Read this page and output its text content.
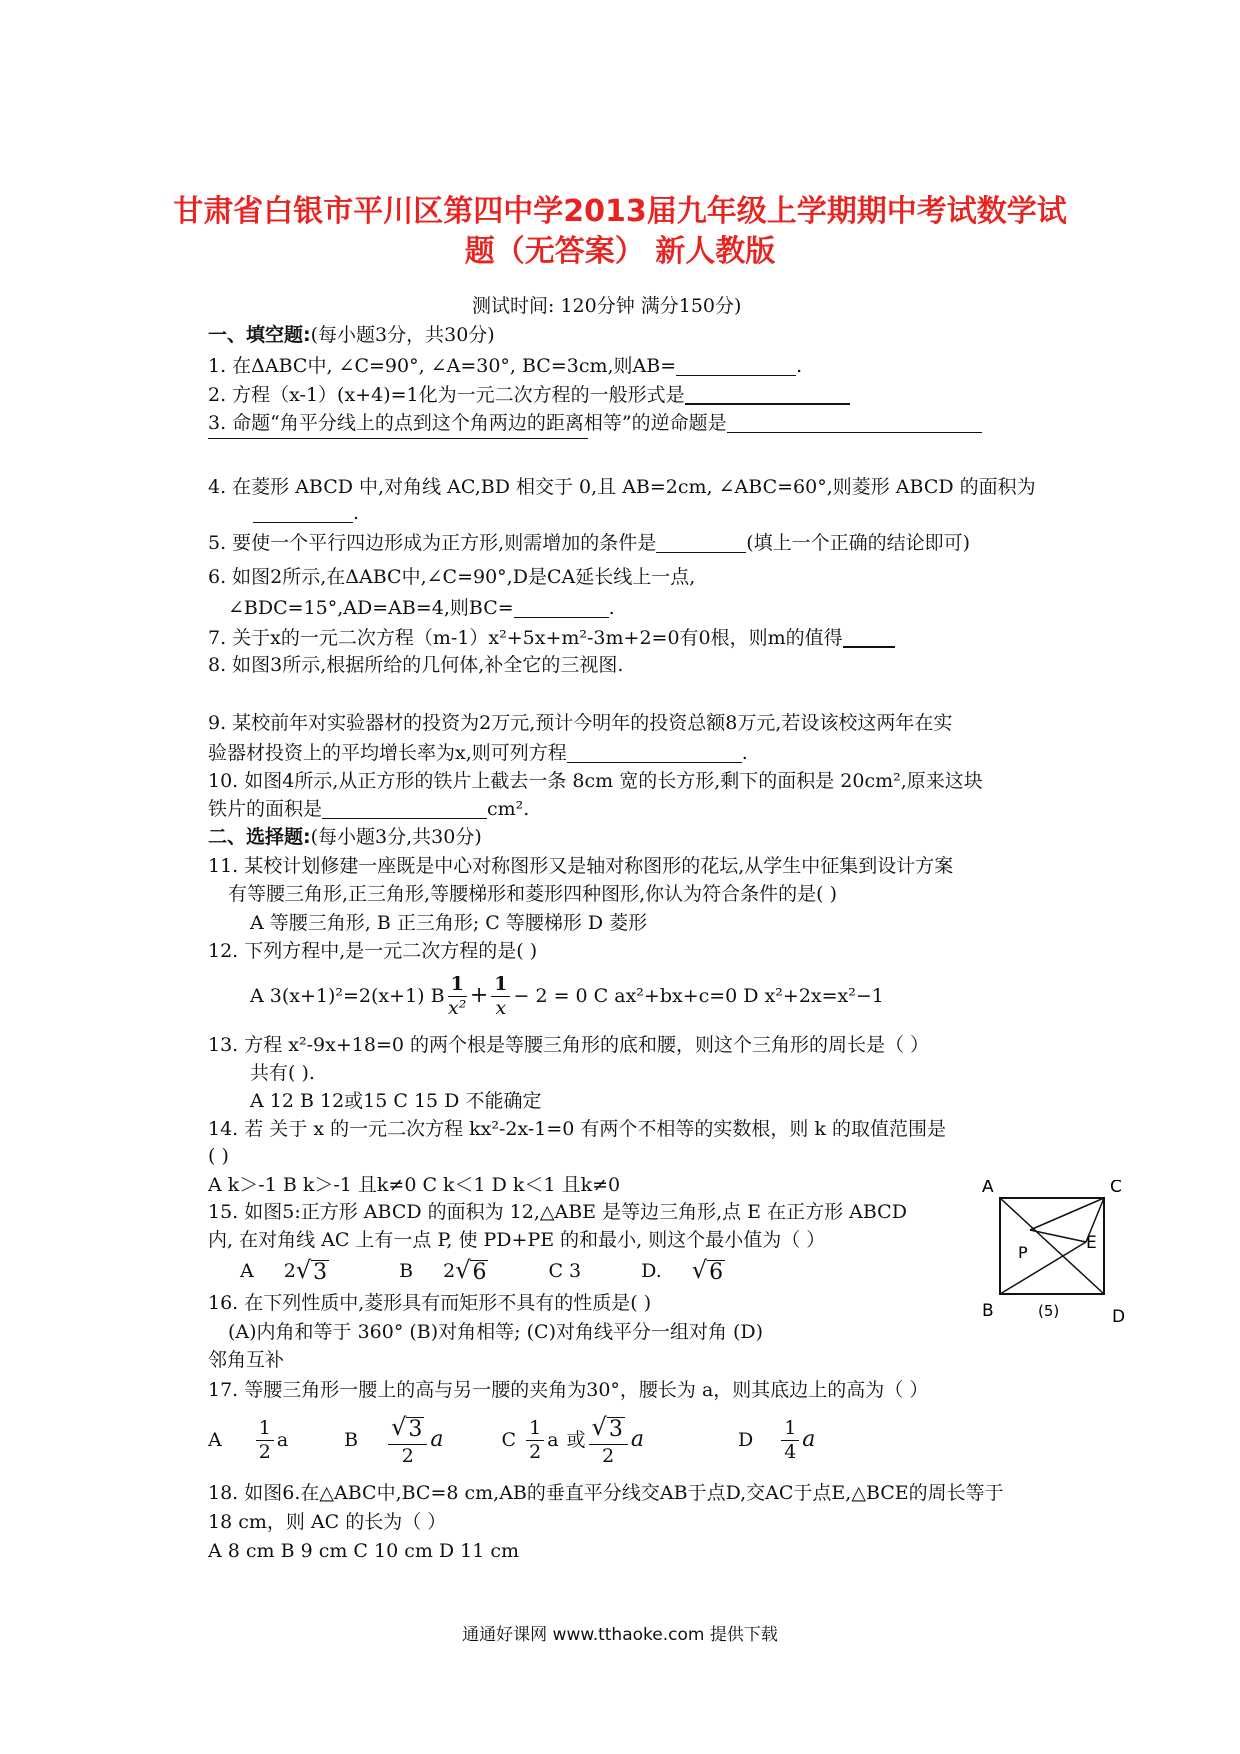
甘肃省白银市平川区第四中学2013届九年级上学期期中考试数学试
题（无答案） 新人教版
测试时间: 120分钟 满分150分)
一、填空题:(每小题3分，共30分)
1. 在ΔABC中, ∠C=90°, ∠A=30°, BC=3cm,则AB=	.
2. 方程（x-1）(x+4)=1化为一元二次方程的一般形式是
3. 命题“角平分线上的点到这个角两边的距离相等”的逆命题是
4. 在菱形 ABCD 中,对角线 AC,BD 相交于 0,且 AB=2cm, ∠ABC=60°,则菱形 ABCD 的面积为
.
5. 要使一个平行四边形成为正方形,则需增加的条件是	(填上一个正确的结论即可)
6. 如图2所示,在ΔABC中,∠C=90°,D是CA延长线上一点,
∠BDC=15°,AD=AB=4,则BC=	.
7. 关于x的一元二次方程（m-1）x²+5x+m²-3m+2=0有0根，则m的值得
8. 如图3所示,根据所给的几何体,补全它的三视图.
9. 某校前年对实验器材的投资为2万元,预计今明年的投资总额8万元,若设该校这两年在实
验器材投资上的平均增长率为x,则可列方程	.
10. 如图4所示,从正方形的铁片上截去一条 8cm 宽的长方形,剩下的面积是 20cm²,原来这块
铁片的面积是	cm².
二、选择题:(每小题3分,共30分)
11. 某校计划修建一座既是中心对称图形又是轴对称图形的花坛,从学生中征集到设计方案
有等腰三角形,正三角形,等腰梯形和菱形四种图形,你认为符合条件的是( )
A 等腰三角形, B 正三角形; C 等腰梯形 D 菱形
12. 下列方程中,是一元二次方程的是( )
A 3(x+1)²=2(x+1) B $\frac{1}{\text{x²}} + \frac{1}{x} - 2 = 0$ C ax²+bx+c=0 D x²+2x=x²−1
13. 方程 x²-9x+18=0 的两个根是等腰三角形的底和腰，则这个三角形的周长是（ ）
共有( ).
A 12 B 12或15 C 15 D 不能确定
14. 若 关于 x 的一元二次方程 kx²-2x-1=0 有两个不相等的实数根，则 k 的取值范围是
( )
A k＞-1 B k＞-1 且k≠0 C k＜1 D k＜1 且k≠0
15. 如图5:正方形 ABCD 的面积为 12,△ABE 是等边三角形,点 E 在正方形 ABCD
内, 在对角线 AC 上有一点 P, 使 PD+PE 的和最小, 则这个最小值为（ ）
A 2 √ 3	B 2 √ 6	C 3	D. √ 6
16. 在下列性质中,菱形具有而矩形不具有的性质是( )
(A)内角和等于 360° (B)对角相等; (C)对角线平分一组对角 (D)
邻角互补
17. 等腰三角形一腰上的高与另一腰的夹角为30°，腰长为 a，则其底边上的高为（ ）
A $\frac{1}{2}$ a	B $\frac{√ 3}{2}$ a	C $\frac{1}{2}$ a 或 $\frac{√ 3}{2}$ a	D $\frac{1}{4}$ a
18. 如图6.在△ABC中,BC=8 cm,AB的垂直平分线交AB于点D,交AC于点E,△BCE的周长等于
18 cm，则 AC 的长为（ ）
A 8 cm B 9 cm C 10 cm D 11 cm
A	C
B	D
E
P
(5)
通通好课网 www.tthaoke.com 提供下载
